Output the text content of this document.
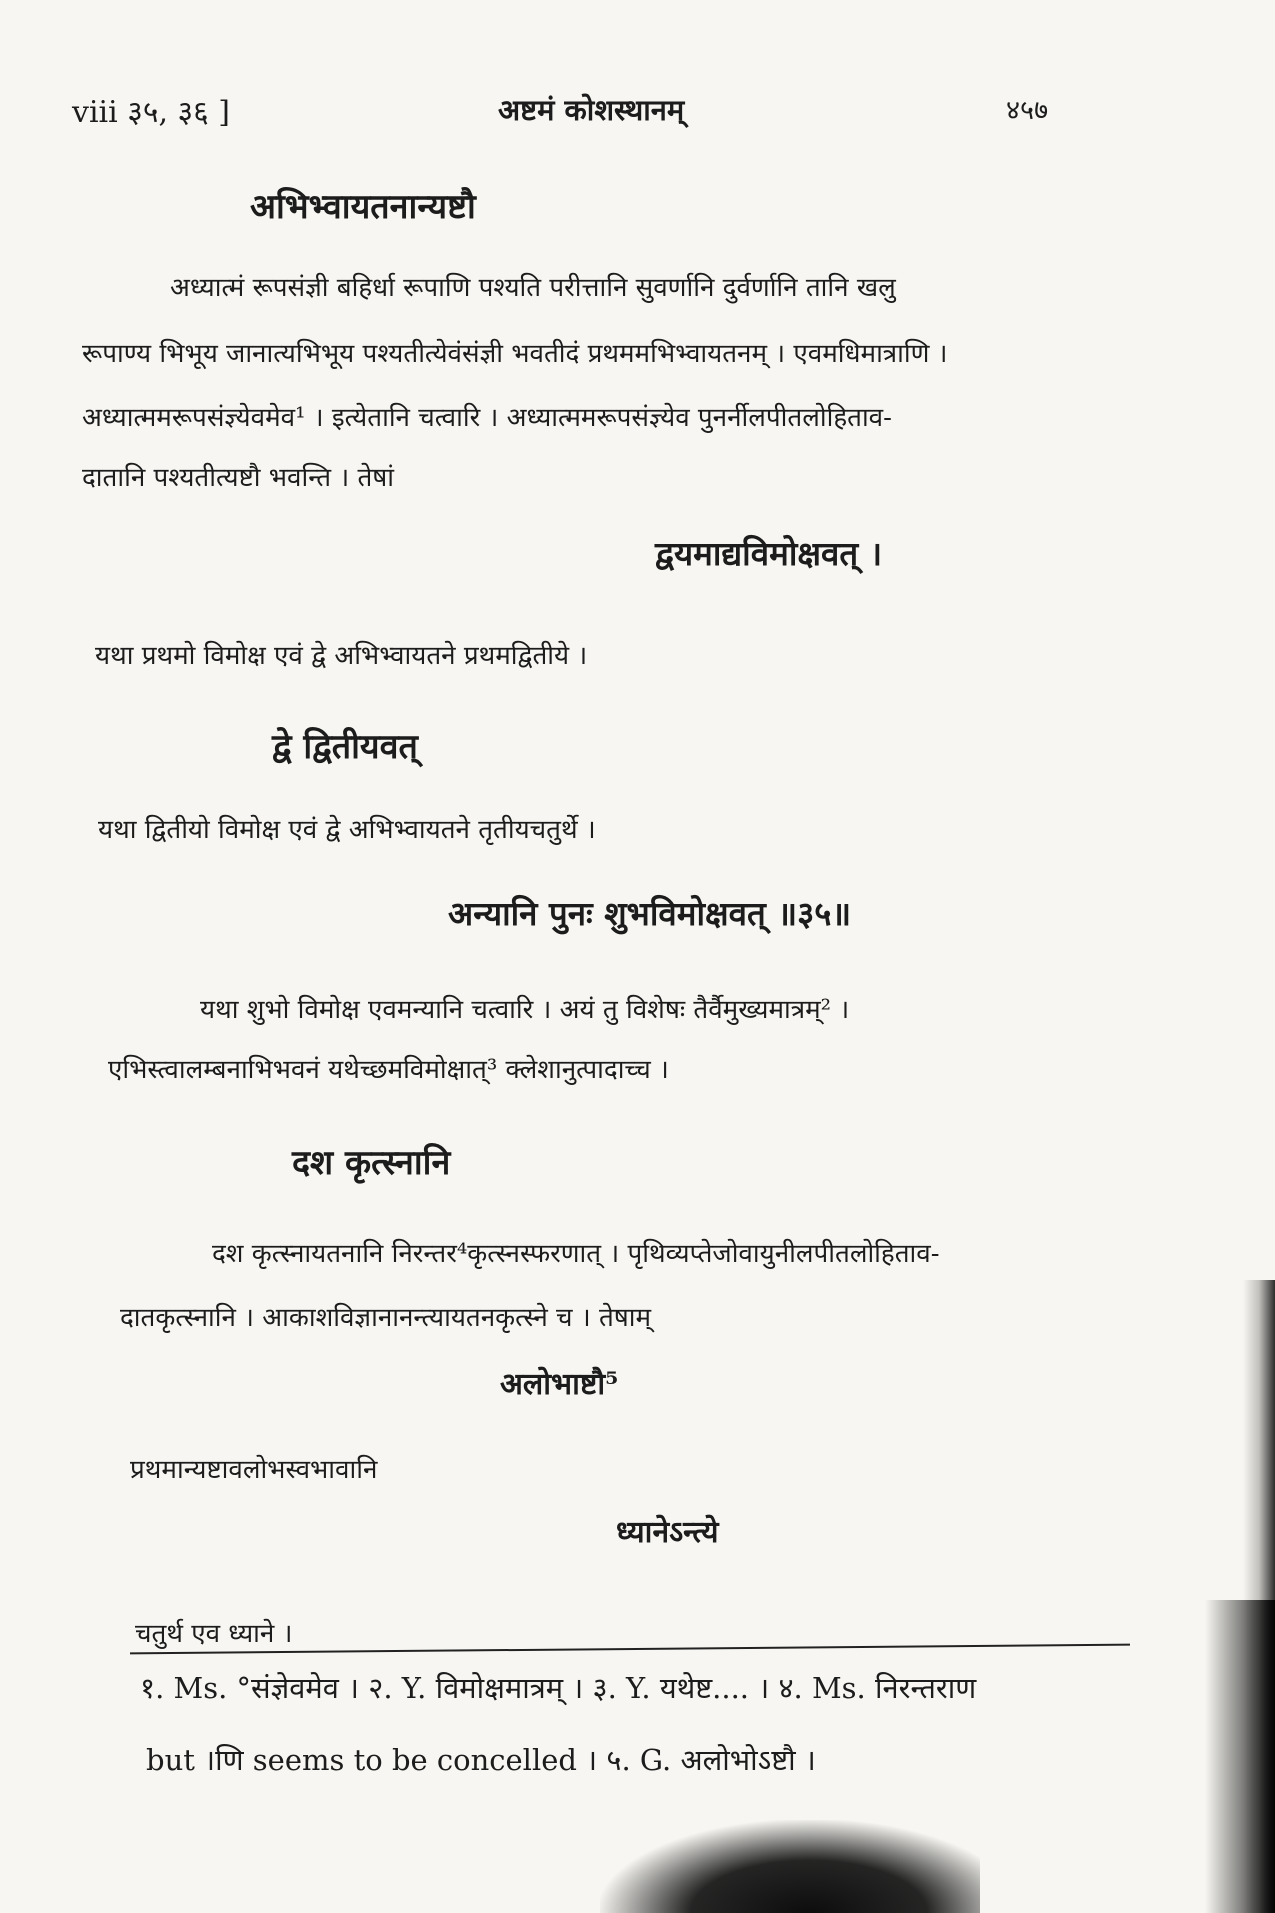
viii ३५, ३६ ]	अष्टमं कोशस्थानम्	४५७
अभिभ्वायतनान्यष्टौ
अध्यात्मं रूपसंज्ञी बहिर्धा रूपाणि पश्यति परीत्तानि सुवर्णानि दुर्वर्णानि तानि खलु
रूपाण्य भिभूय जानात्यभिभूय पश्यतीत्येवंसंज्ञी भवतीदं प्रथममभिभ्वायतनम् । एवमधिमात्राणि ।
अध्यात्ममरूपसंज्ञ्येवमेव¹ । इत्येतानि चत्वारि । अध्यात्ममरूपसंज्ञ्येव पुनर्नीलपीतलोहिताव-
दातानि पश्यतीत्यष्टौ भवन्ति । तेषां
द्वयमाद्यविमोक्षवत् ।
यथा प्रथमो विमोक्ष एवं द्वे अभिभ्वायतने प्रथमद्वितीये ।
द्वे द्वितीयवत्
यथा द्वितीयो विमोक्ष एवं द्वे अभिभ्वायतने तृतीयचतुर्थे ।
अन्यानि पुनः शुभविमोक्षवत् ॥३५॥
यथा शुभो विमोक्ष एवमन्यानि चत्वारि । अयं तु विशेषः तैर्वैमुख्यमात्रम्² ।
एभिस्त्वालम्बनाभिभवनं यथेच्छमविमोक्षात्³ क्लेशानुत्पादाच्च ।
दश कृत्स्नानि
दश कृत्स्नायतनानि निरन्तर⁴कृत्स्नस्फरणात् । पृथिव्यप्तेजोवायुनीलपीतलोहिताव-
दातकृत्स्नानि । आकाशविज्ञानानन्त्यायतनकृत्स्ने च । तेषाम्
अलोभाष्टौ⁵
प्रथमान्यष्टावलोभस्वभावानि
ध्यानेऽन्त्ये
चतुर्थ एव ध्याने ।
१. Ms. °संज्ञेवमेव । २. Y. विमोक्षमात्रम् । ३. Y. यथेष्ट.... । ४. Ms. निरन्तराण
but ।णि seems to be concelled । ५. G. अलोभोऽष्टौ ।
